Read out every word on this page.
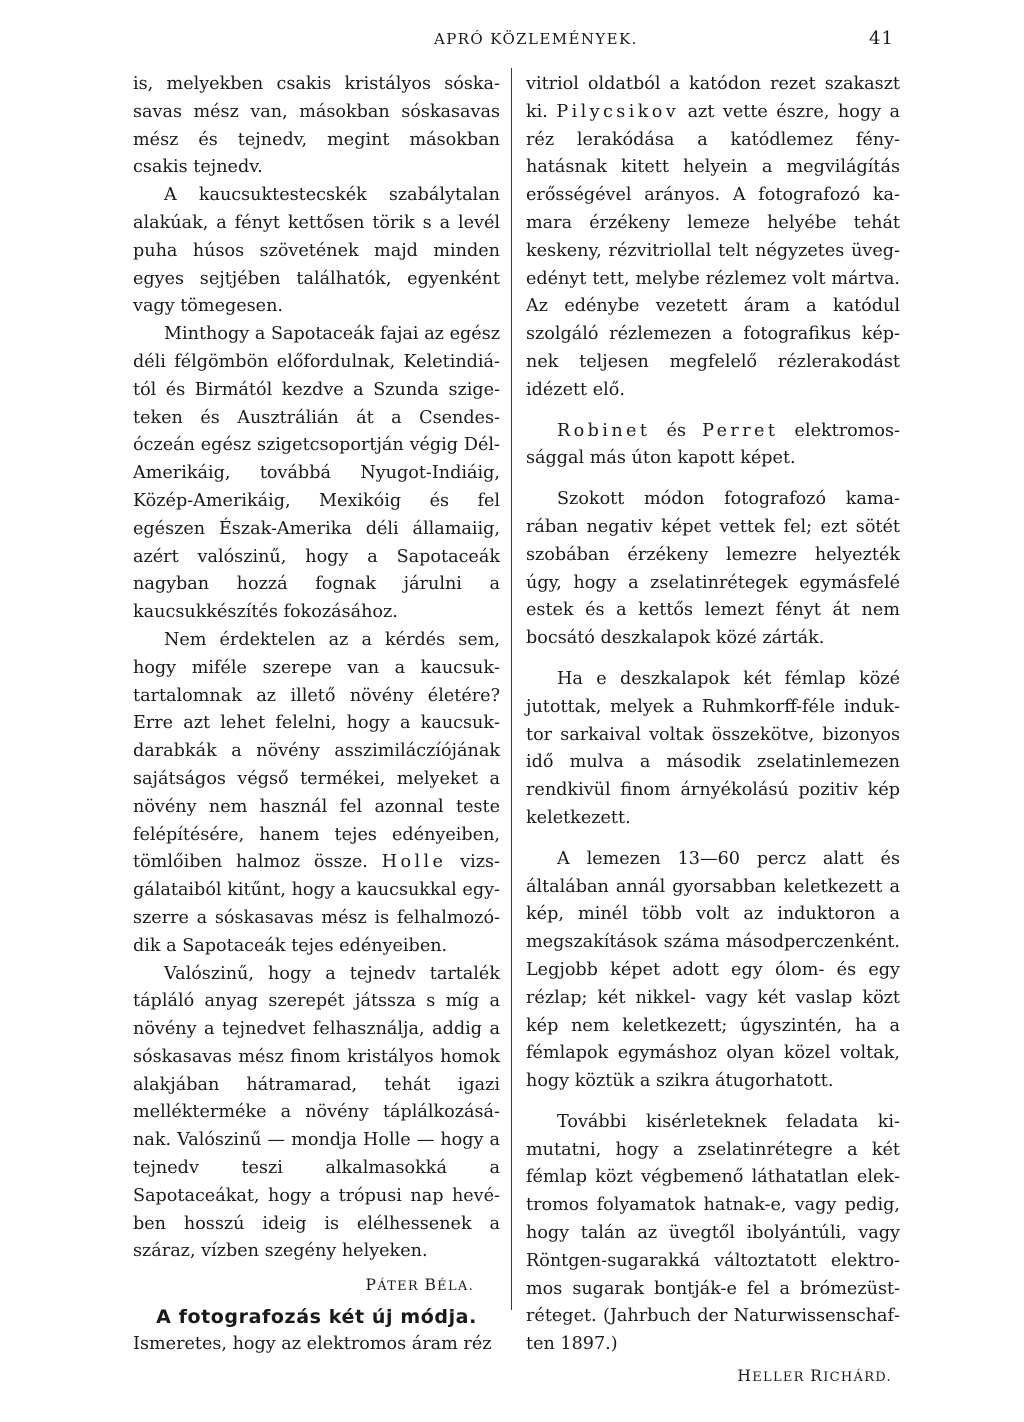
APRÓ KÖZLEMÉNYEK.	41

is, melyekben csakis kristályos sóskasavas mész van, másokban sóskasavas mész és tejnedv, megint másokban csakis tejnedv.

A kaucsuktestecskék szabálytalan alakúak, a fényt kettősen törik s a levél puha húsos szövetének majd minden egyes sejtjében találhatók, egyenként vagy tömegesen.

Minthogy a Sapotaceák fajai az egész déli félgömbön előfordulnak, Keletindiától és Birmától kezdve a Szunda szigeteken és Ausztrálián át a Csendes-óczeán egész szigetcsoportján végig Dél-Amerikáig, továbbá Nyugot-Indiáig, Közép-Amerikáig, Mexikóig és fel egészen Észak-Amerika déli államaiig, azért valószinű, hogy a Sapotaceák nagyban hozzá fognak járulni a kaucsukkészítés fokozásához.

Nem érdektelen az a kérdés sem, hogy miféle szerepe van a kaucsuktartalomnak az illető növény életére? Erre azt lehet felelni, hogy a kaucsukdarabkák a növény asszimiláczíójának sajátságos végső termékei, melyeket a növény nem használ fel azonnal teste felépítésére, hanem tejes edényeiben, tömlőiben halmoz össze. Holle vizsgálataiból kitűnt, hogy a kaucsukkal egyszerre a sóskasavas mész is felhalmozódik a Sapotaceák tejes edényeiben.

Valószinű, hogy a tejnedv tartalék tápláló anyag szerepét játssza s míg a növény a tejnedvet felhasználja, addig a sóskasavas mész finom kristályos homok alakjában hátramarad, tehát igazi mellékterméke a növény táplálkozásának. Valószinű — mondja Holle — hogy a tejnedv teszi alkalmasokká a Sapotaceákat, hogy a trópusi nap hevében hosszú ideig is elélhessenek a száraz, vízben szegény helyeken.

PÁTER BÉLA.
A fotografozás két új módja.

Ismeretes, hogy az elektromos áram réz

vitriol oldatból a katódon rezet szakaszt ki. Pilycsikov azt vette észre, hogy a réz lerakódása a katódlemez fényhatásnak kitett helyein a megvilágítás erősségével arányos. A fotografozó kamara érzékeny lemeze helyébe tehát keskeny, rézvitriollal telt négyzetes üvegedényt tett, melybe rézlemez volt mártva. Az edénybe vezetett áram a katódul szolgáló rézlemezen a fotografikus képnek teljesen megfelelő rézlerakodást idézett elő.

Robinet és Perret elektromossággal más úton kapott képet.

Szokott módon fotografozó kamarában negativ képet vettek fel; ezt sötét szobában érzékeny lemezre helyezték úgy, hogy a zselatinrétegek egymásfelé estek és a kettős lemezt fényt át nem bocsátó deszkalapok közé zárták.

Ha e deszkalapok két fémlap közé jutottak, melyek a Ruhmkorff-féle induktor sarkaival voltak összekötve, bizonyos idő mulva a második zselatinlemezen rendkivül finom árnyékolású pozitiv kép keletkezett.

A lemezen 13—60 percz alatt és általában annál gyorsabban keletkezett a kép, minél több volt az induktoron a megszakítások száma másodperczenként. Legjobb képet adott egy ólom- és egy rézlap; két nikkel- vagy két vaslap közt kép nem keletkezett; úgyszintén, ha a fémlapok egymáshoz olyan közel voltak, hogy köztük a szikra átugorhatott.

További kisérleteknek feladata kimutatni, hogy a zselatinrétegre a két fémlap közt végbemenő láthatatlan elektromos folyamatok hatnak-e, vagy pedig, hogy talán az üvegtől ibolyántúli, vagy Röntgen-sugarakká változtatott elektromos sugarak bontják-e fel a brómezüstréteget. (Jahrbuch der Naturwissenschaften 1897.)

HELLER RICHÁRD.
